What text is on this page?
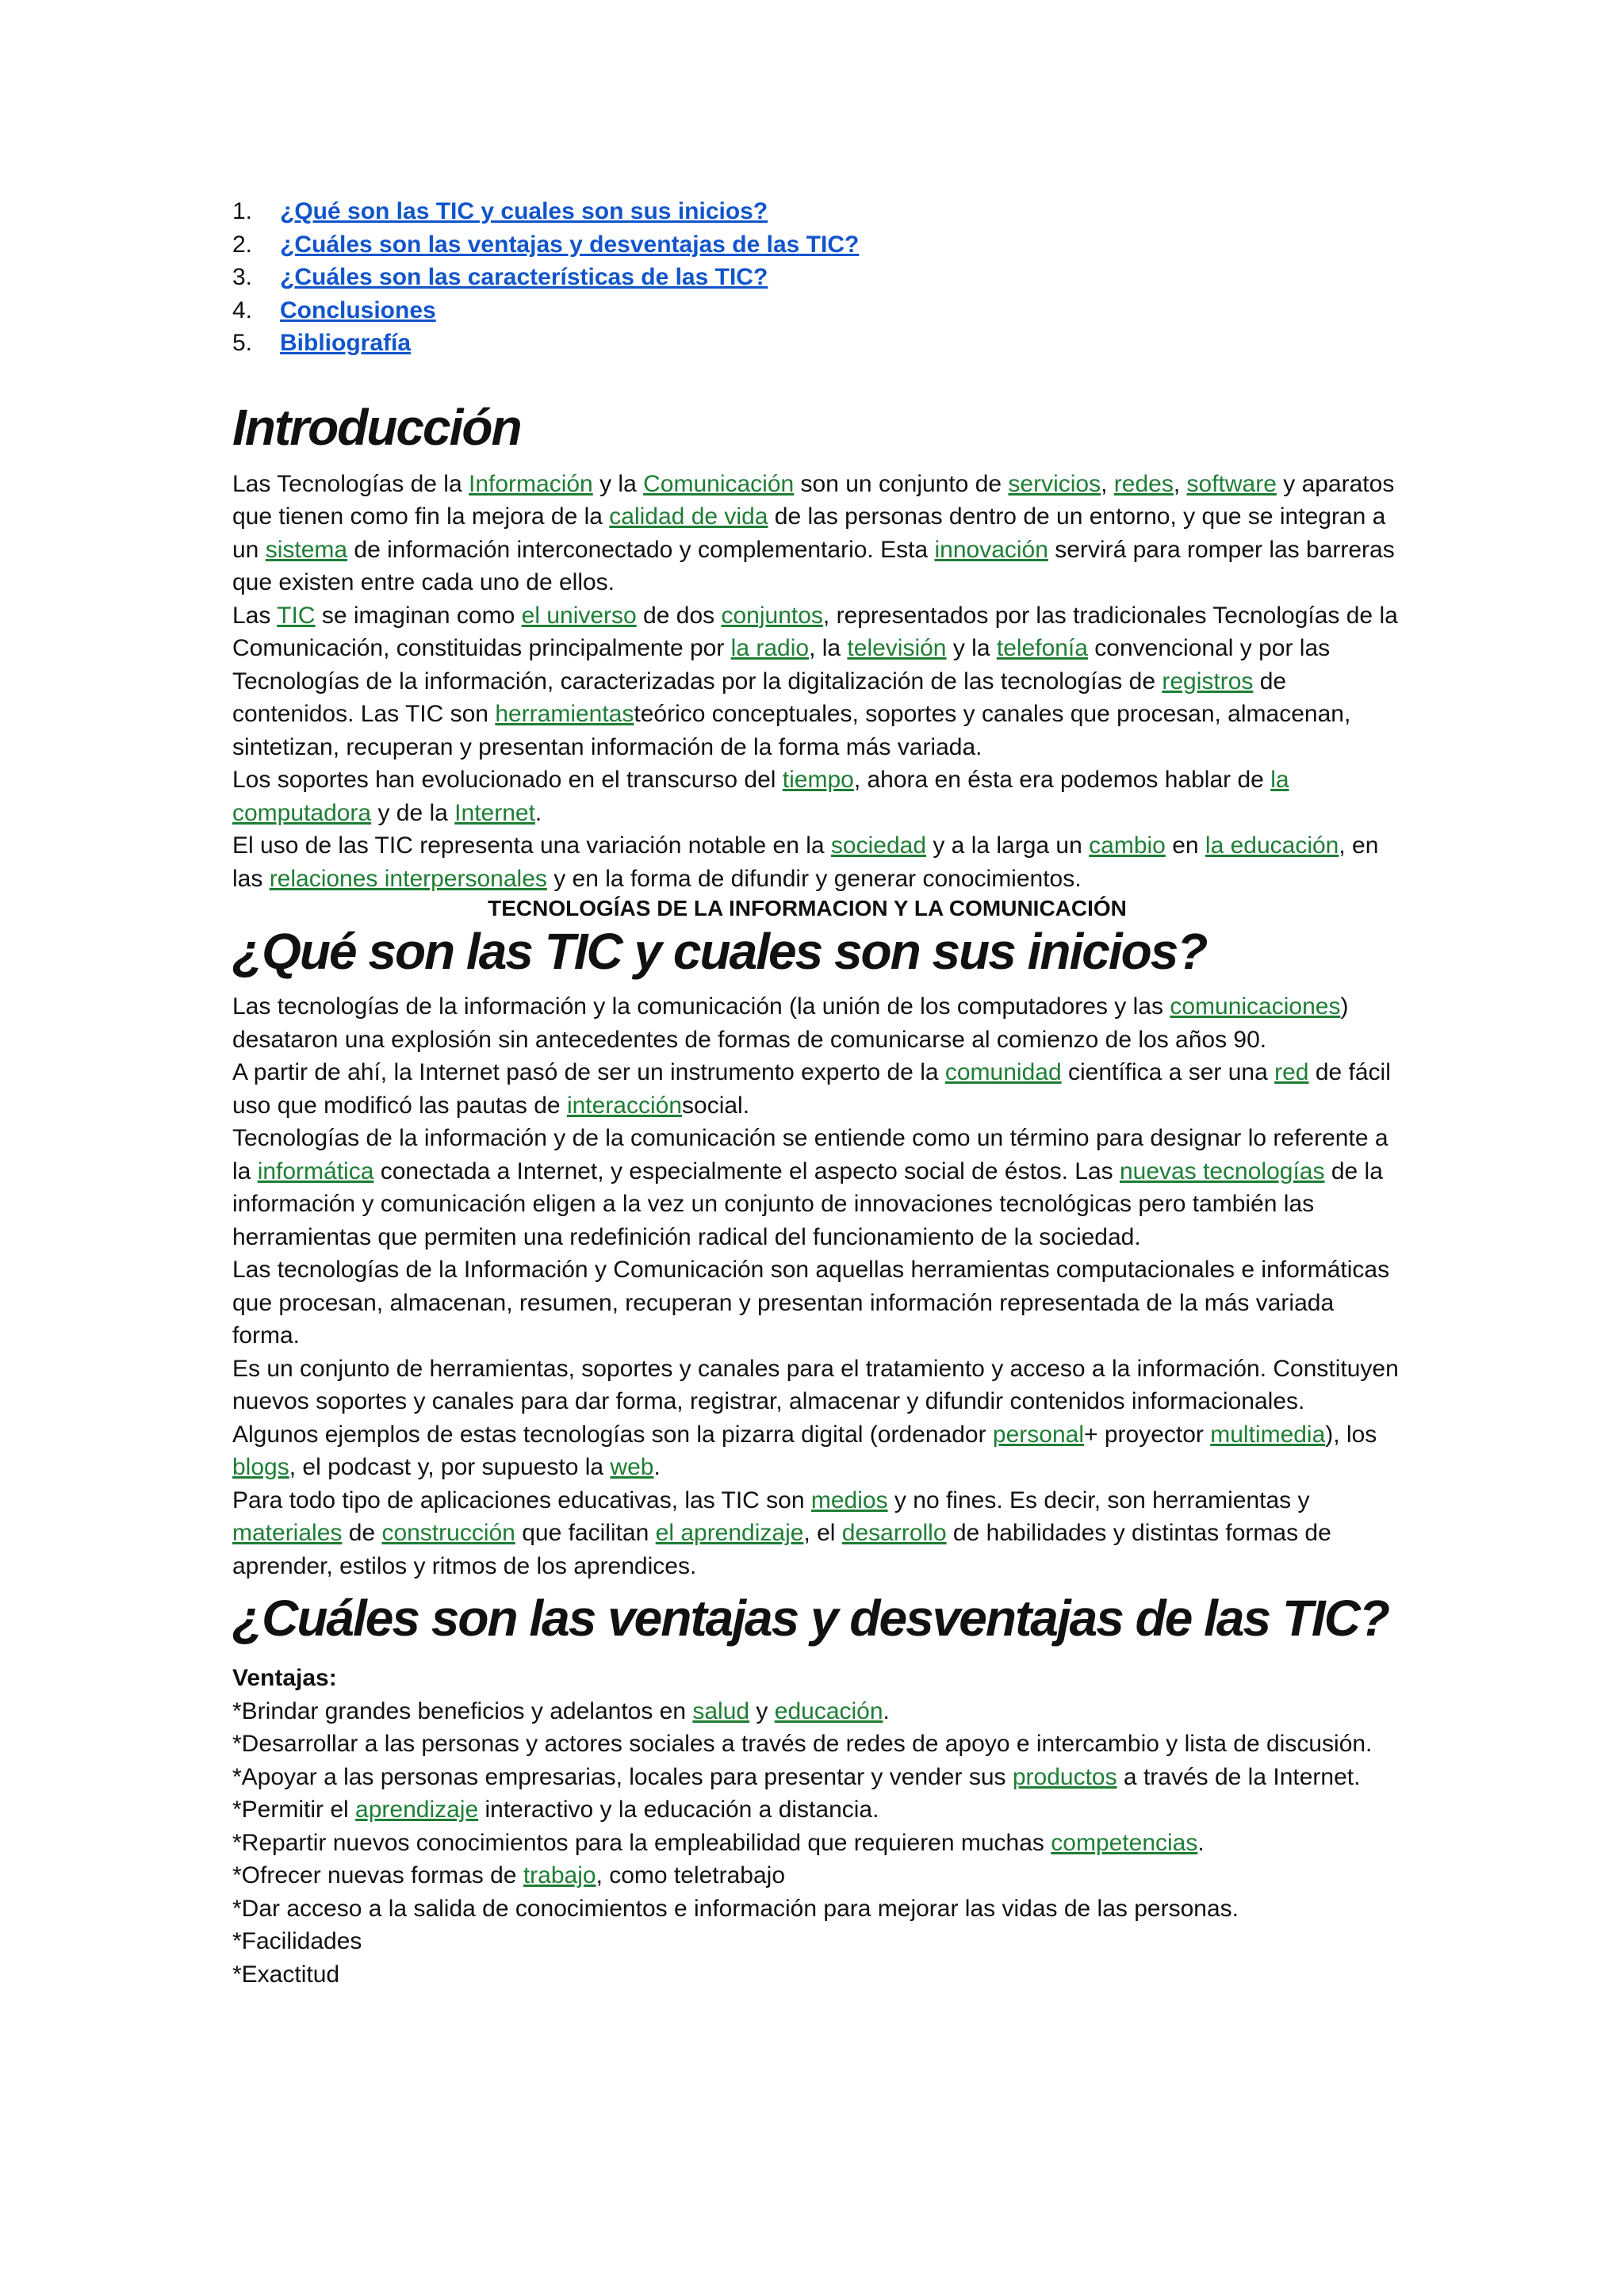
1.	¿Qué son las TIC y cuales son sus inicios?
2.	¿Cuáles son las ventajas y desventajas de las TIC?
3.	¿Cuáles son las características de las TIC?
4.	Conclusiones
5.	Bibliografía
Introducción

Las Tecnologías de la Información y la Comunicación son un conjunto de servicios, redes, software y aparatos que tienen como fin la mejora de la calidad de vida de las personas dentro de un entorno, y que se integran a un sistema de información interconectado y complementario. Esta innovación servirá para romper las barreras que existen entre cada uno de ellos.

Las TIC se imaginan como el universo de dos conjuntos, representados por las tradicionales Tecnologías de la Comunicación, constituidas principalmente por la radio, la televisión y la telefonía convencional y por las Tecnologías de la información, caracterizadas por la digitalización de las tecnologías de registros de contenidos. Las TIC son herramientasteórico conceptuales, soportes y canales que procesan, almacenan, sintetizan, recuperan y presentan información de la forma más variada.

Los soportes han evolucionado en el transcurso del tiempo, ahora en ésta era podemos hablar de la computadora y de la Internet.

El uso de las TIC representa una variación notable en la sociedad y a la larga un cambio en la educación, en las relaciones interpersonales y en la forma de difundir y generar conocimientos.

TECNOLOGÍAS DE LA INFORMACION Y LA COMUNICACIÓN

¿Qué son las TIC y cuales son sus inicios?

Las tecnologías de la información y la comunicación (la unión de los computadores y las comunicaciones) desataron una explosión sin antecedentes de formas de comunicarse al comienzo de los años 90.

A partir de ahí, la Internet pasó de ser un instrumento experto de la comunidad científica a ser una red de fácil uso que modificó las pautas de interacciónsocial.

Tecnologías de la información y de la comunicación se entiende como un término para designar lo referente a la informática conectada a Internet, y especialmente el aspecto social de éstos. Las nuevas tecnologías de la información y comunicación eligen a la vez un conjunto de innovaciones tecnológicas pero también las herramientas que permiten una redefinición radical del funcionamiento de la sociedad.

Las tecnologías de la Información y Comunicación son aquellas herramientas computacionales e informáticas que procesan, almacenan, resumen, recuperan y presentan información representada de la más variada forma.

Es un conjunto de herramientas, soportes y canales para el tratamiento y acceso a la información. Constituyen nuevos soportes y canales para dar forma, registrar, almacenar y difundir contenidos informacionales.

Algunos ejemplos de estas tecnologías son la pizarra digital (ordenador personal+ proyector multimedia), los blogs, el podcast y, por supuesto la web.

Para todo tipo de aplicaciones educativas, las TIC son medios y no fines. Es decir, son herramientas y materiales de construcción que facilitan el aprendizaje, el desarrollo de habilidades y distintas formas de aprender, estilos y ritmos de los aprendices.

¿Cuáles son las ventajas y desventajas de las TIC?

Ventajas:

*Brindar grandes beneficios y adelantos en salud y educación.

*Desarrollar a las personas y actores sociales a través de redes de apoyo e intercambio y lista de discusión.

*Apoyar a las personas empresarias, locales para presentar y vender sus productos a través de la Internet.

*Permitir el aprendizaje interactivo y la educación a distancia.

*Repartir nuevos conocimientos para la empleabilidad que requieren muchas competencias.

*Ofrecer nuevas formas de trabajo, como teletrabajo

*Dar acceso a la salida de conocimientos e información para mejorar las vidas de las personas.

*Facilidades

*Exactitud
